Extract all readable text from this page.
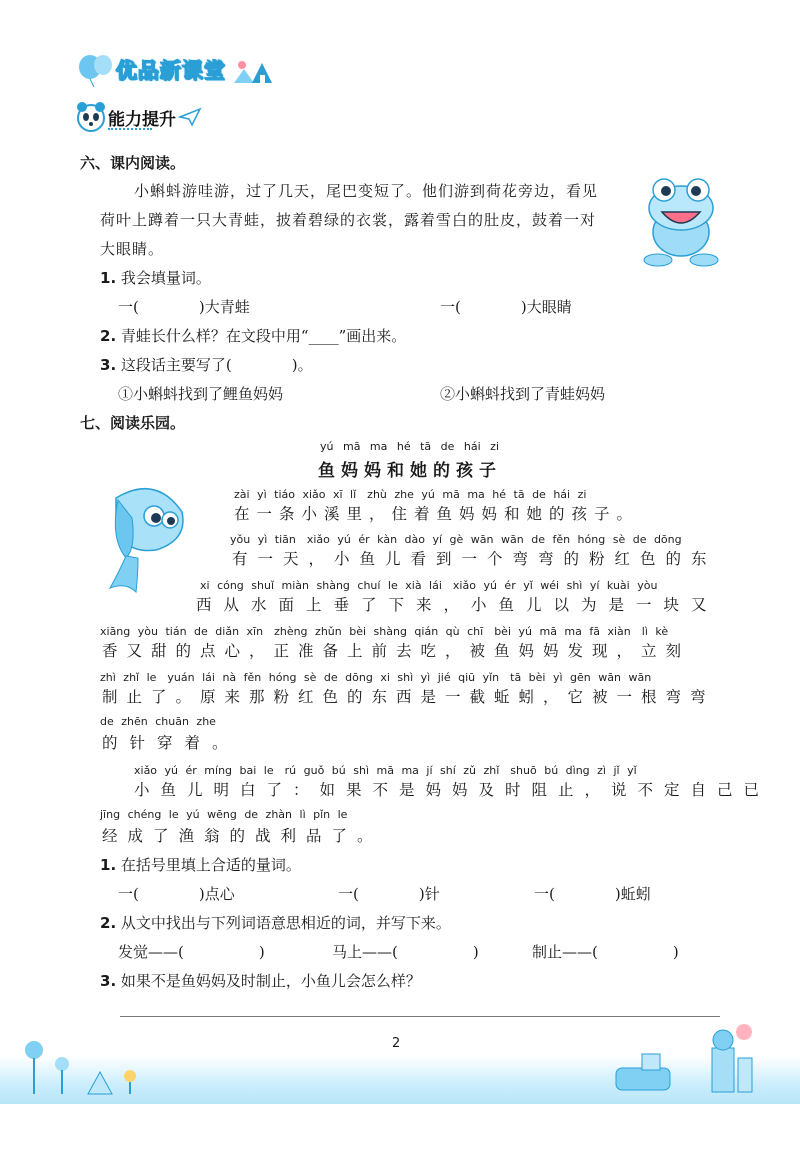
优品新课堂
能力提升
六、课内阅读。
小蝌蚪游哇游，过了几天，尾巴变短了。他们游到荷花旁边，看见
荷叶上蹲着一只大青蛙，披着碧绿的衣裳，露着雪白的肚皮，鼓着一对
大眼睛。
1. 我会填量词。
一(　　　　)大青蛙	一(　　　　)大眼睛
2. 青蛙长什么样？在文段中用“____”画出来。
3. 这段话主要写了(　　　　)。
①小蝌蚪找到了鲤鱼妈妈	②小蝌蚪找到了青蛙妈妈
七、阅读乐园。
yú mā ma hé tā de hái zi
鱼妈妈和她的孩子
zài yì tiáo xiǎo xī lǐ　zhù zhe yú mā ma hé tā de hái zi
在一条小溪里，住着鱼妈妈和她的孩子。
yǒu yì tiān　xiǎo yú ér kàn dào yí gè wān wān de fěn hóng sè de dōng
有一天，小鱼儿看到一个弯弯的粉红色的东
xi cóng shuǐ miàn shàng chuí le xià lái　xiǎo yú ér yǐ wéi shì yí kuài yòu
西从水面上垂了下来，小鱼儿以为是一块又
xiāng yòu tián de diǎn xīn　zhèng zhǔn bèi shàng qián qù chī　bèi yú mā ma fā xiàn　lì kè
香又甜的点心，正准备上前去吃，被鱼妈妈发现，立刻
zhì zhǐ le　yuán lái nà fěn hóng sè de dōng xi shì yì jié qiū yǐn　tā bèi yì gēn wān wān
制止了。原来那粉红色的东西是一截蚯蚓，它被一根弯弯
de zhēn chuān zhe
的针穿着。
xiǎo yú ér míng bai le　rú guǒ bú shì mā ma jí shí zǔ zhǐ　shuō bú dìng zì jǐ yǐ
小鱼儿明白了：如果不是妈妈及时阻止，说不定自己已
jīng chéng le yú wēng de zhàn lì pǐn le
经成了渔翁的战利品了。
1. 在括号里填上合适的量词。
一(　　　　)点心	一(　　　　)针	一(　　　　)蚯蚓
2. 从文中找出与下列词语意思相近的词，并写下来。
发觉——(　　　　　)	马上——(　　　　　)	制止——(　　　　　)
3. 如果不是鱼妈妈及时制止，小鱼儿会怎么样？
2
